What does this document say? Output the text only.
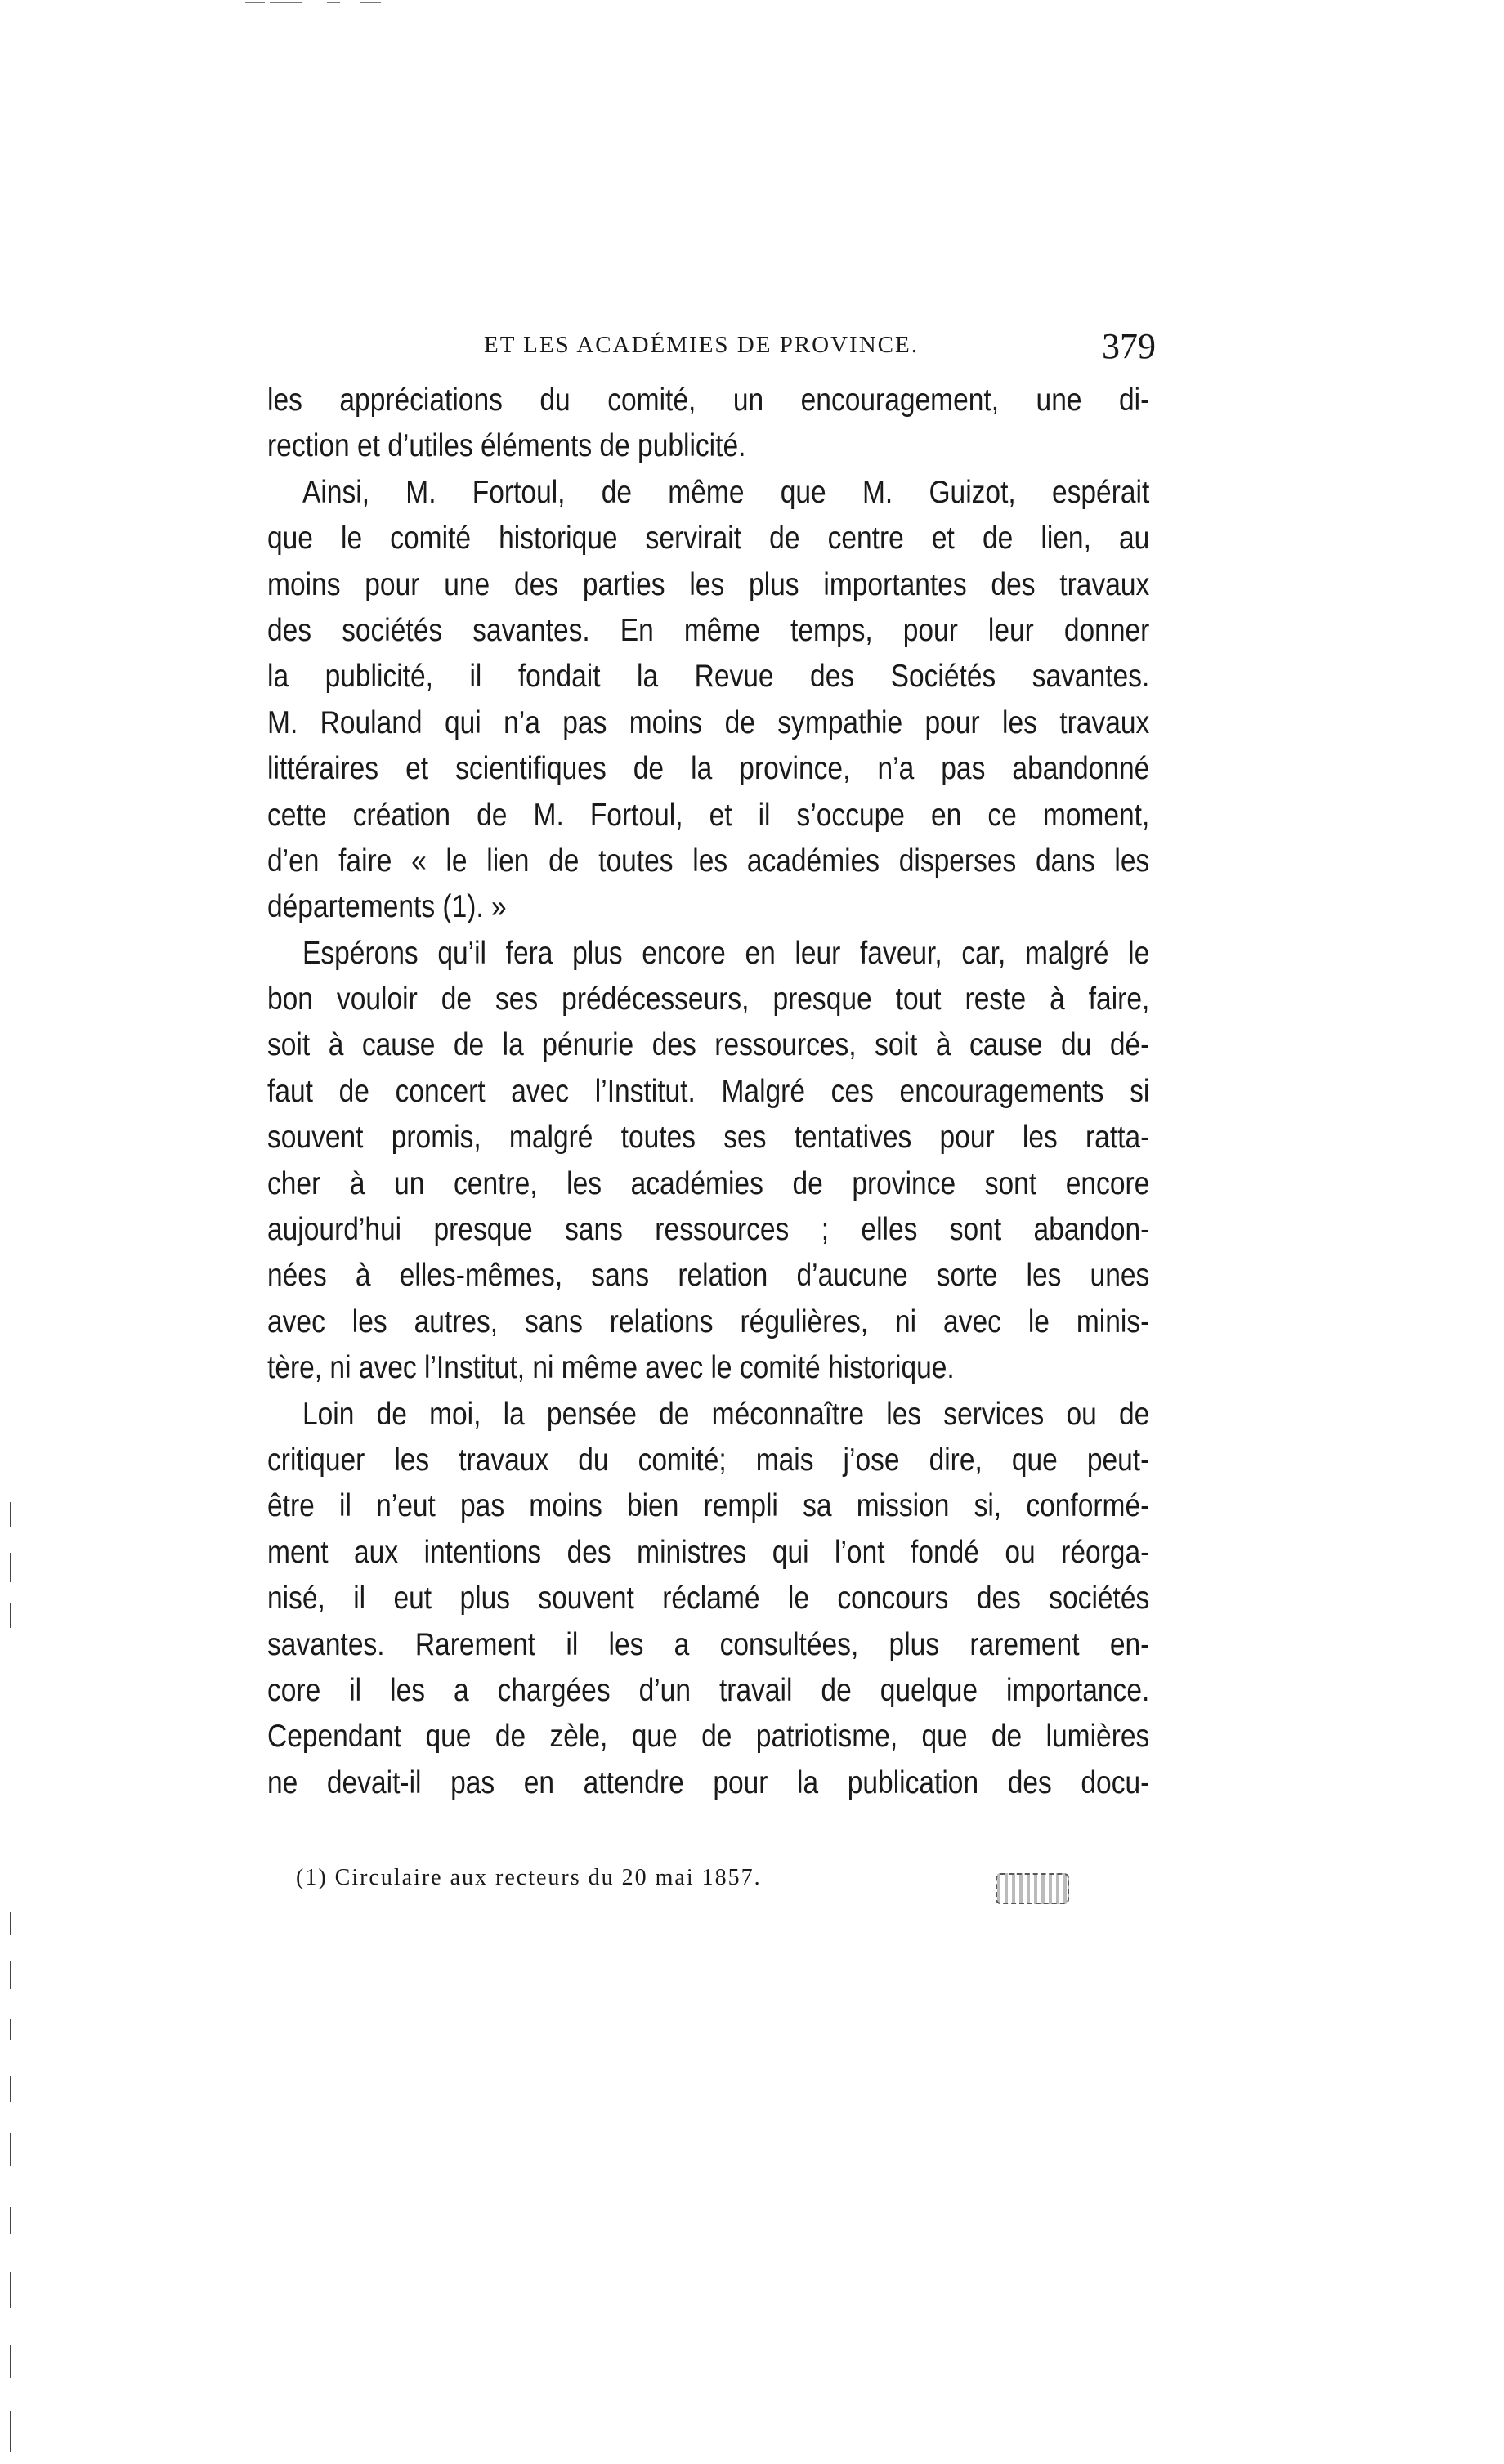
ET LES ACADÉMIES DE PROVINCE.	379
les appréciations du comité, un encouragement, une di-
rection et d’utiles éléments de publicité.
Ainsi, M. Fortoul, de même que M. Guizot, espérait
que le comité historique servirait de centre et de lien, au
moins pour une des parties les plus importantes des travaux
des sociétés savantes. En même temps, pour leur donner
la publicité, il fondait la Revue des Sociétés savantes.
M. Rouland qui n’a pas moins de sympathie pour les travaux
littéraires et scientifiques de la province, n’a pas abandonné
cette création de M. Fortoul, et il s’occupe en ce moment,
d’en faire « le lien de toutes les académies disperses dans les
départements (1). »
Espérons qu’il fera plus encore en leur faveur, car, malgré le
bon vouloir de ses prédécesseurs, presque tout reste à faire,
soit à cause de la pénurie des ressources, soit à cause du dé-
faut de concert avec l’Institut. Malgré ces encouragements si
souvent promis, malgré toutes ses tentatives pour les rattа-
cher à un centre, les académies de province sont encore
aujourd’hui presque sans ressources ; elles sont abandon-
nées à elles-mêmes, sans relation d’aucune sorte les unes
avec les autres, sans relations régulières, ni avec le minis-
tère, ni avec l’Institut, ni même avec le comité historique.
Loin de moi, la pensée de méconnaître les services ou de
critiquer les travaux du comité; mais j’ose dire, que peut-
être il n’eut pas moins bien rempli sa mission si, conformé-
ment aux intentions des ministres qui l’ont fondé ou réorga-
nisé, il eut plus souvent réclamé le concours des sociétés
savantes. Rarement il les a consultées, plus rarement en-
core il les a chargées d’un travail de quelque importance.
Cependant que de zèle, que de patriotisme, que de lumières
ne devait-il pas en attendre pour la publication des docu-
(1) Circulaire aux recteurs du 20 mai 1857.
